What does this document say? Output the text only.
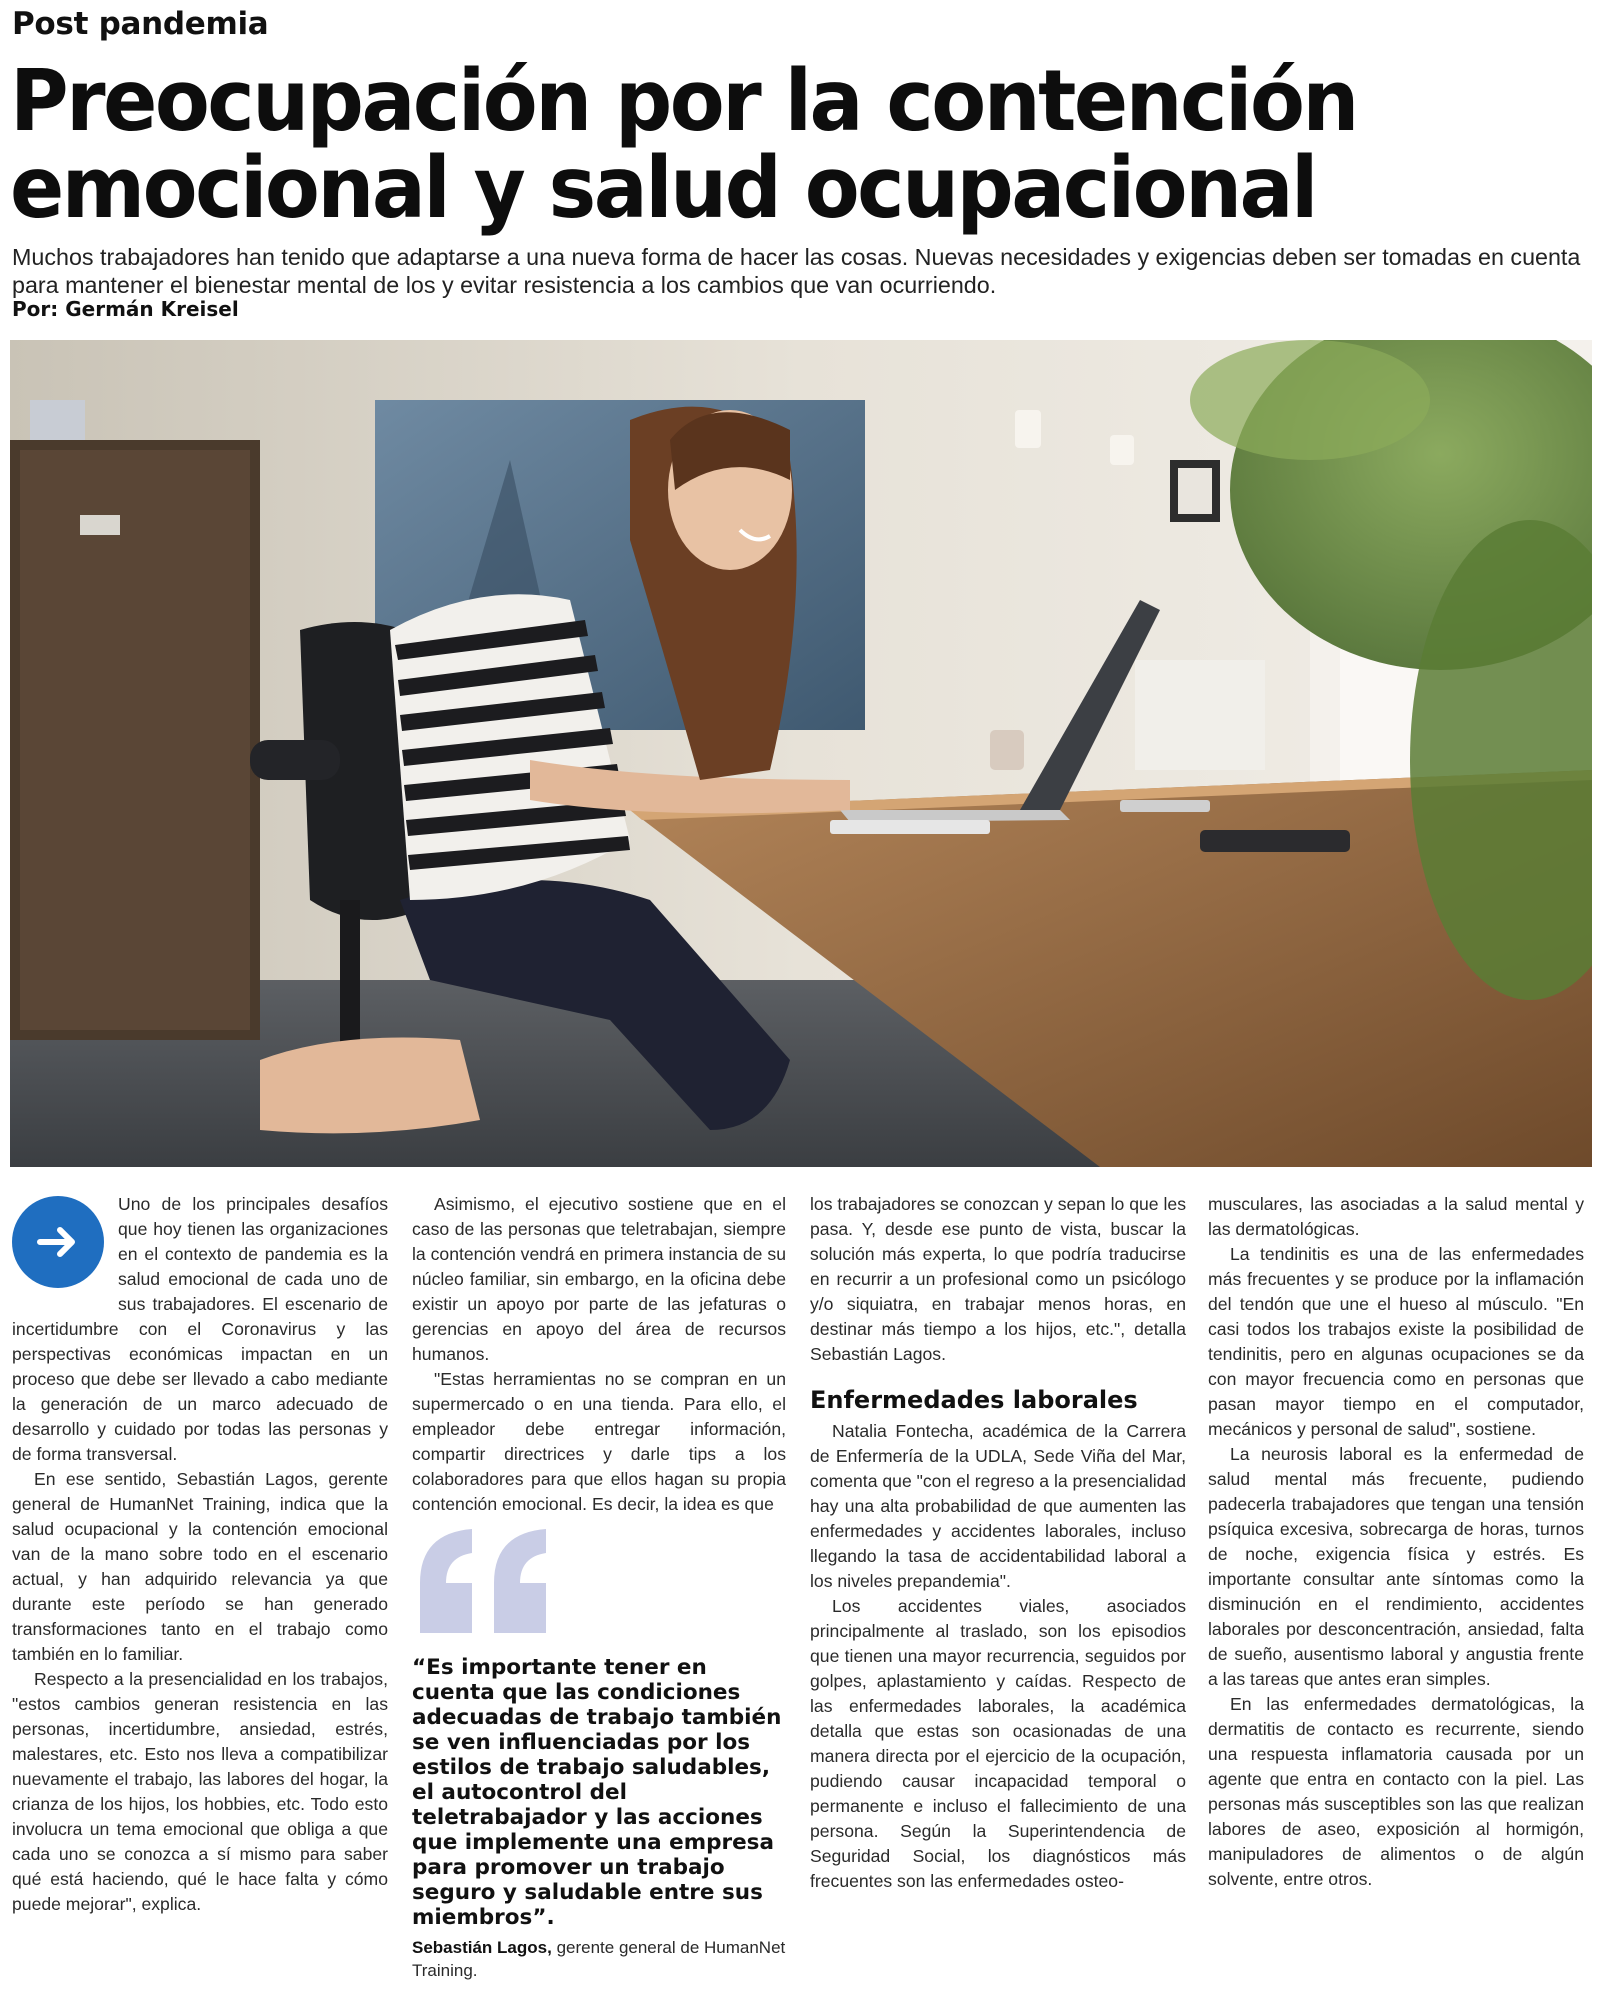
Post pandemia
Preocupación por la contención
emocional y salud ocupacional

Muchos trabajadores han tenido que adaptarse a una nueva forma de hacer las cosas. Nuevas necesidades y exigencias deben ser tomadas en cuenta para mantener el bienestar mental de los y evitar resistencia a los cambios que van ocurriendo.

Por: Germán Kreisel

Uno de los principales desafíos que hoy tienen las organizaciones en el contexto de pandemia es la salud emocional de cada uno de sus trabajadores. El escenario de incertidumbre con el Coronavirus y las perspectivas económicas impactan en un proceso que debe ser llevado a cabo mediante la generación de un marco adecuado de desarrollo y cuidado por todas las personas y de forma transversal.

En ese sentido, Sebastián Lagos, gerente general de HumanNet Training, indica que la salud ocupacional y la contención emocional van de la mano sobre todo en el escenario actual, y han adquirido relevancia ya que durante este período se han generado transformaciones tanto en el trabajo como también en lo familiar.

Respecto a la presencialidad en los trabajos, "estos cambios generan resistencia en las personas, incertidumbre, ansiedad, estrés, malestares, etc. Esto nos lleva a compatibilizar nuevamente el trabajo, las labores del hogar, la crianza de los hijos, los hobbies, etc. Todo esto involucra un tema emocional que obliga a que cada uno se conozca a sí mismo para saber qué está haciendo, qué le hace falta y cómo puede mejorar", explica.

Asimismo, el ejecutivo sostiene que en el caso de las personas que teletrabajan, siempre la contención vendrá en primera instancia de su núcleo familiar, sin embargo, en la oficina debe existir un apoyo por parte de las jefaturas o gerencias en apoyo del área de recursos humanos.

"Estas herramientas no se compran en un supermercado o en una tienda. Para ello, el empleador debe entregar información, compartir directrices y darle tips a los colaboradores para que ellos hagan su propia contención emocional. Es decir, la idea es que

“Es importante tener en cuenta que las condiciones adecuadas de trabajo también se ven influenciadas por los estilos de trabajo saludables, el autocontrol del teletrabajador y las acciones que implemente una empresa para promover un trabajo seguro y saludable entre sus miembros”.
Sebastián Lagos, gerente general de HumanNet Training.

los trabajadores se conozcan y sepan lo que les pasa. Y, desde ese punto de vista, buscar la solución más experta, lo que podría traducirse en recurrir a un profesional como un psicólogo y/o siquiatra, en trabajar menos horas, en destinar más tiempo a los hijos, etc.", detalla Sebastián Lagos.

Enfermedades laborales

Natalia Fontecha, académica de la Carrera de Enfermería de la UDLA, Sede Viña del Mar, comenta que "con el regreso a la presencialidad hay una alta probabilidad de que aumenten las enfermedades y accidentes laborales, incluso llegando la tasa de accidentabilidad laboral a los niveles prepandemia".

Los accidentes viales, asociados principalmente al traslado, son los episodios que tienen una mayor recurrencia, seguidos por golpes, aplastamiento y caídas. Respecto de las enfermedades laborales, la académica detalla que estas son ocasionadas de una manera directa por el ejercicio de la ocupación, pudiendo causar incapacidad temporal o permanente e incluso el fallecimiento de una persona. Según la Superintendencia de Seguridad Social, los diagnósticos más frecuentes son las enfermedades osteo-

musculares, las asociadas a la salud mental y las dermatológicas.

La tendinitis es una de las enfermedades más frecuentes y se produce por la inflamación del tendón que une el hueso al músculo. "En casi todos los trabajos existe la posibilidad de tendinitis, pero en algunas ocupaciones se da con mayor frecuencia como en personas que pasan mayor tiempo en el computador, mecánicos y personal de salud", sostiene.

La neurosis laboral es la enfermedad de salud mental más frecuente, pudiendo padecerla trabajadores que tengan una tensión psíquica excesiva, sobrecarga de horas, turnos de noche, exigencia física y estrés. Es importante consultar ante síntomas como la disminución en el rendimiento, accidentes laborales por desconcentración, ansiedad, falta de sueño, ausentismo laboral y angustia frente a las tareas que antes eran simples.

En las enfermedades dermatológicas, la dermatitis de contacto es recurrente, siendo una respuesta inflamatoria causada por un agente que entra en contacto con la piel. Las personas más susceptibles son las que realizan labores de aseo, exposición al hormigón, manipuladores de alimentos o de algún solvente, entre otros.
